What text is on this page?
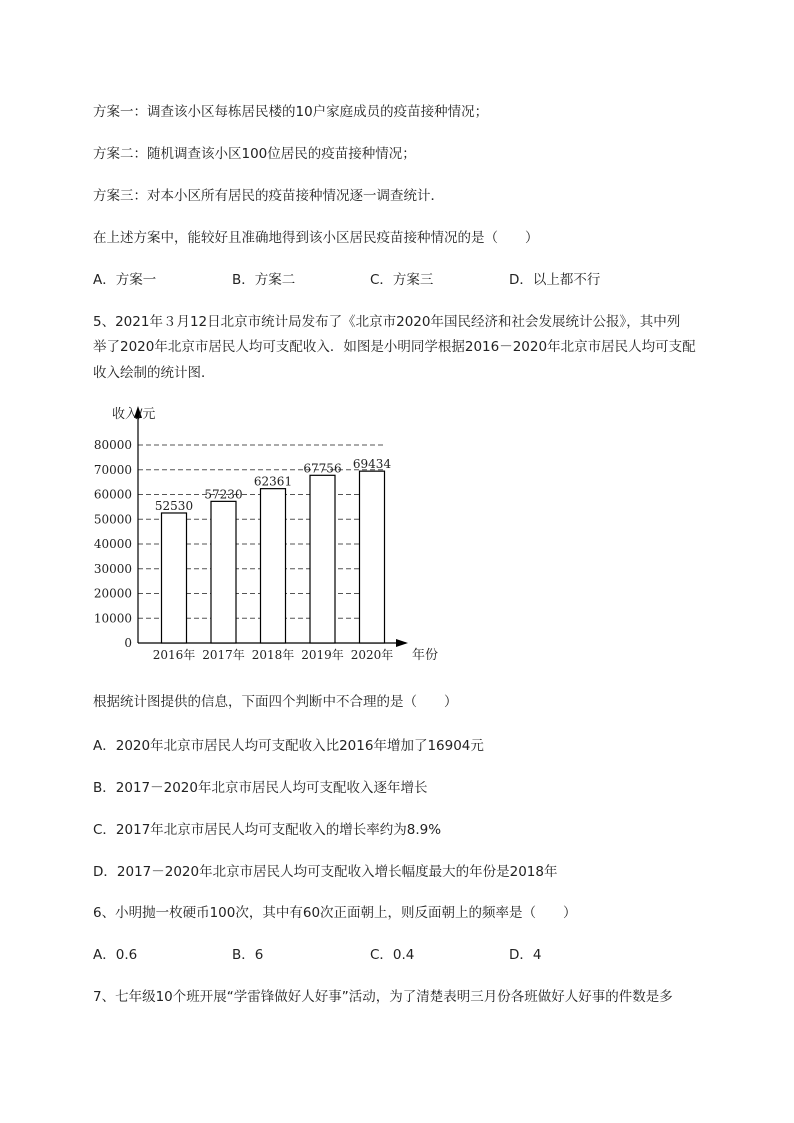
方案一：调查该小区每栋居民楼的10户家庭成员的疫苗接种情况；
方案二：随机调查该小区100位居民的疫苗接种情况；
方案三：对本小区所有居民的疫苗接种情况逐一调查统计．
在上述方案中，能较好且准确地得到该小区居民疫苗接种情况的是（　　）
A．方案一	B．方案二	C．方案三	D．以上都不行
5、2021年３月12日北京市统计局发布了《北京市2020年国民经济和社会发展统计公报》，其中列
举了2020年北京市居民人均可支配收入．如图是小明同学根据2016－2020年北京市居民人均可支配
收入绘制的统计图．
0
10000
20000
30000
40000
50000
60000
70000
80000
收入/元
年份
52530
2016年
57230
2017年
62361
2018年
67756
2019年
69434
2020年
根据统计图提供的信息，下面四个判断中不合理的是（　　）
A．2020年北京市居民人均可支配收入比2016年增加了16904元
B．2017－2020年北京市居民人均可支配收入逐年增长
C．2017年北京市居民人均可支配收入的增长率约为8.9%
D．2017－2020年北京市居民人均可支配收入增长幅度最大的年份是2018年
6、小明抛一枚硬币100次，其中有60次正面朝上，则反面朝上的频率是（　　）
A．0.6	B．6	C．0.4	D．4
7、七年级10个班开展“学雷锋做好人好事”活动，为了清楚表明三月份各班做好人好事的件数是多
